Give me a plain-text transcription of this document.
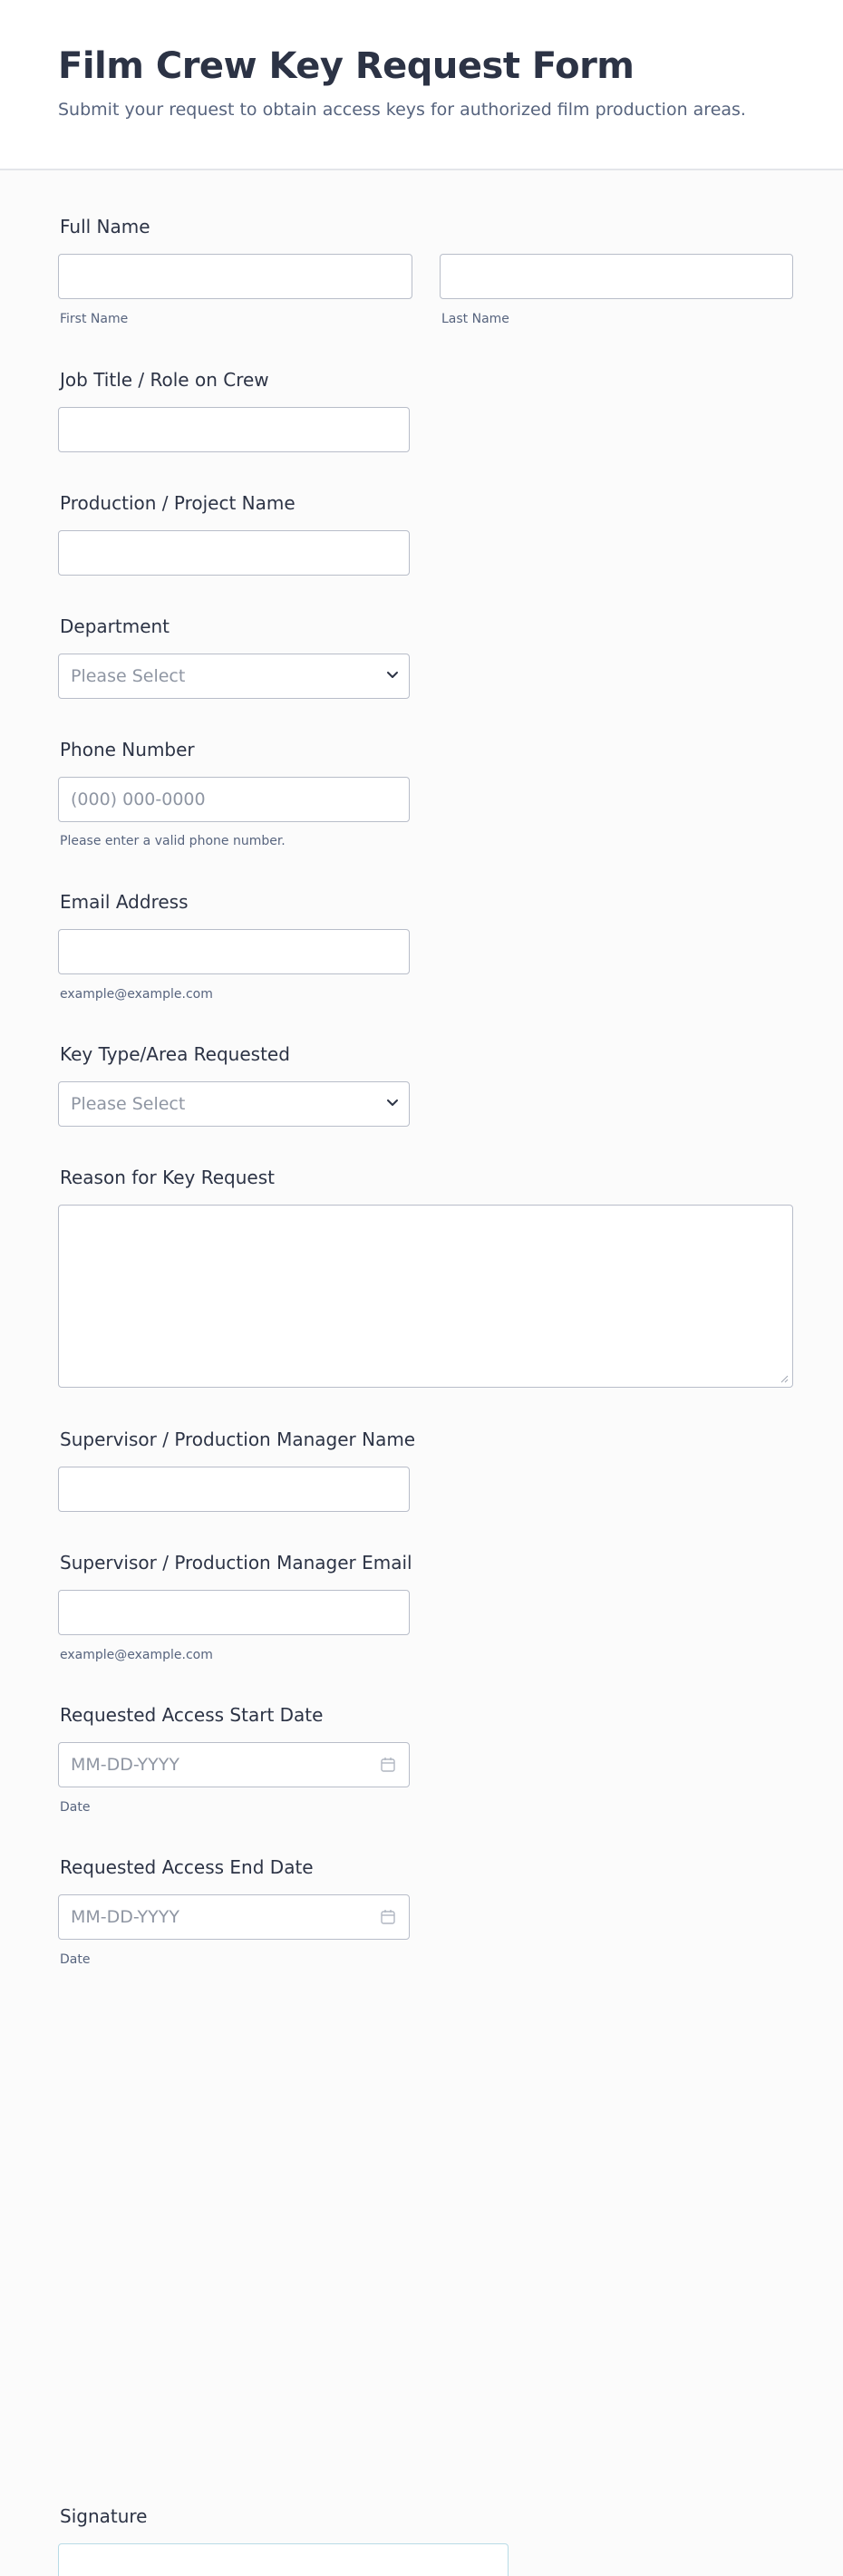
Film Crew Key Request Form
Submit your request to obtain access keys for authorized film production areas.
Full Name
First Name	Last Name
Job Title / Role on Crew
Production / Project Name
Department
Please Select
Phone Number
(000) 000-0000
Please enter a valid phone number.
Email Address
example@example.com
Key Type/Area Requested
Please Select
Reason for Key Request
Supervisor / Production Manager Name
Supervisor / Production Manager Email
example@example.com
Requested Access Start Date
MM-DD-YYYY
Date
Requested Access End Date
MM-DD-YYYY
Date
Signature
